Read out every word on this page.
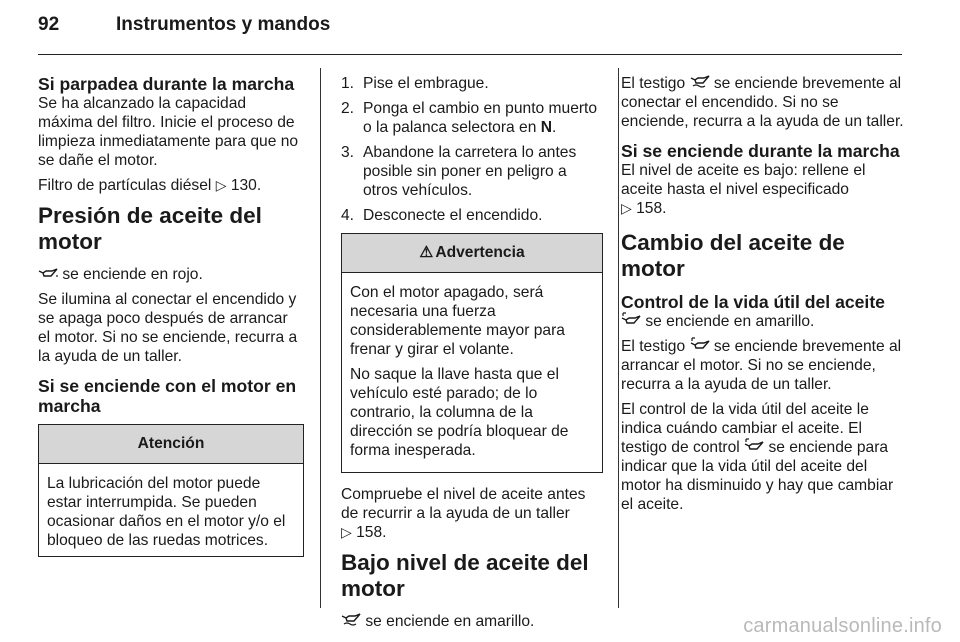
92	Instrumentos y mandos
Si parpadea durante la marcha

Se ha alcanzado la capacidad máxima del filtro. Inicie el proceso de limpieza inmediatamente para que no se dañe el motor.

Filtro de partículas diésel ▷ 130.

Presión de aceite del motor

se enciende en rojo.

Se ilumina al conectar el encendido y se apaga poco después de arrancar el motor. Si no se enciende, recurra a la ayuda de un taller.

Si se enciende con el motor en marcha
Atención
La lubricación del motor puede estar interrumpida. Se pueden ocasionar daños en el motor y/o el bloqueo de las ruedas motrices.
1. Pise el embrague.
2. Ponga el cambio en punto muerto o la palanca selectora en N.
3. Abandone la carretera lo antes posible sin poner en peligro a otros vehículos.
4. Desconecte el encendido.
⚠ Advertencia

Con el motor apagado, será necesaria una fuerza considerablemente mayor para frenar y girar el volante.

No saque la llave hasta que el vehículo esté parado; de lo contrario, la columna de la dirección se podría bloquear de forma inesperada.

Compruebe el nivel de aceite antes de recurrir a la ayuda de un taller
▷ 158.

Bajo nivel de aceite del motor

se enciende en amarillo.

El testigo se enciende brevemente al conectar el encendido. Si no se enciende, recurra a la ayuda de un taller.

Si se enciende durante la marcha

El nivel de aceite es bajo: rellene el aceite hasta el nivel especificado
▷ 158.

Cambio del aceite de motor
Control de la vida útil del aceite

se enciende en amarillo.

El testigo se enciende brevemente al arrancar el motor. Si no se enciende, recurra a la ayuda de un taller.

El control de la vida útil del aceite le indica cuándo cambiar el aceite. El testigo de control se enciende para indicar que la vida útil del aceite del motor ha disminuido y hay que cambiar el aceite.

carmanualsonline.info
